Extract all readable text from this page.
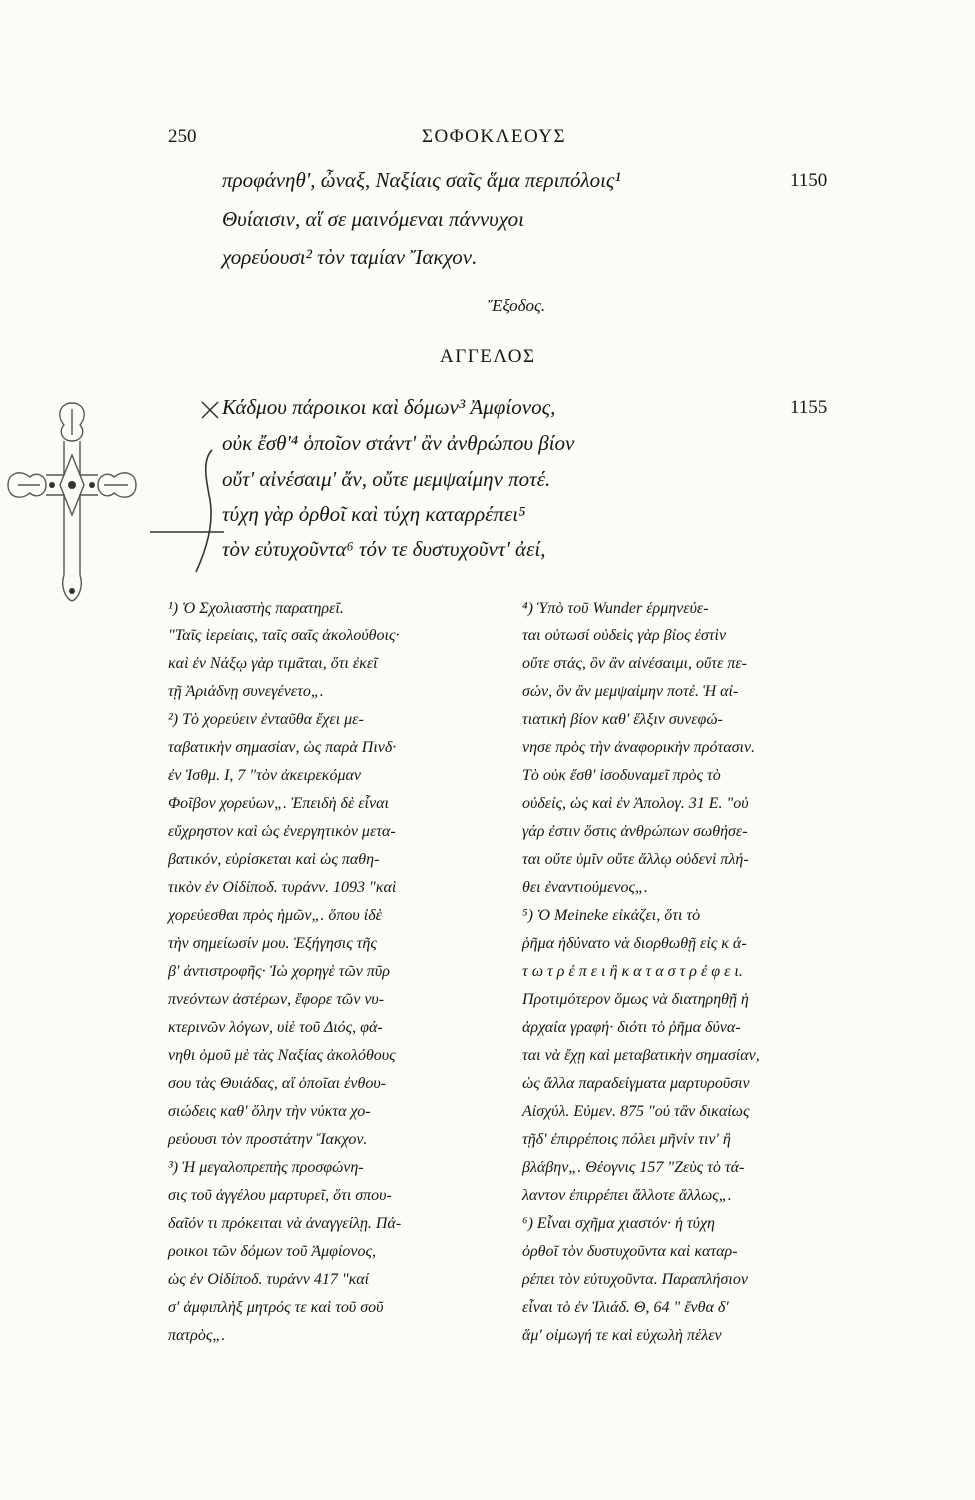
250	ΣΟΦΟΚΛΕΟΥΣ
προφάνηθ', ὦναξ, Ναξίαις σαῖς ἅμα περιπόλοις¹	1150
Θυίαισιν, αἵ σε μαινόμεναι πάννυχοι
χορεύουσι² τὸν ταμίαν Ἴακχον.
Ἔξοδος.
ΑΓΓΕΛΟΣ
Κάδμου πάροικοι καὶ δόμων³ Ἀμφίονος,	1155
οὐκ ἔσθ'⁴ ὁποῖον στάντ' ἂν ἀνθρώπου βίον
οὔτ' αἰνέσαιμ' ἄν, οὔτε μεμψαίμην ποτέ.
τύχη γὰρ ὀρθοῖ καὶ τύχη καταρρέπει⁵
τὸν εὐτυχοῦντα⁶ τόν τε δυστυχοῦντ' ἀεί,
¹) Ὁ Σχολιαστὴς παρατηρεῖ.
"Ταῖς ἱερείαις, ταῖς σαῖς ἀκολούθοις·
καὶ ἐν Νάξῳ γὰρ τιμᾶται, ὅτι ἐκεῖ
τῇ Ἀριάδνῃ συνεγένετο„.
²) Τὸ χορεύειν ἐνταῦθα ἔχει με-
ταβατικὴν σημασίαν, ὡς παρὰ Πινδ·
ἐν Ἰσθμ. Ι, 7 "τὸν ἀκειρεκόμαν
Φοῖβον χορεύων„. Ἐπειδὴ δὲ εἶναι
εὔχρηστον καὶ ὡς ἐνεργητικὸν μετα-
βατικόν, εὑρίσκεται καὶ ὡς παθη-
τικὸν ἐν Οἰδίποδ. τυράνν. 1093 "καὶ
χορεύεσθαι πρὸς ἡμῶν„. ὅπου ἰδὲ
τὴν σημείωσίν μου. Ἐξήγησις τῆς
β' ἀντιστροφῆς· Ἰὼ χορηγὲ τῶν πῦρ
πνεόντων ἀστέρων, ἔφορε τῶν νυ-
κτερινῶν λόγων, υἱὲ τοῦ Διός, φά-
νηθι ὁμοῦ μὲ τὰς Ναξίας ἀκολόθους
σου τὰς Θυιάδας, αἵ ὁποῖαι ἐνθου-
σιώδεις καθ' ὅλην τὴν νύκτα χο-
ρεύουσι τὸν προστάτην Ἴακχον.
³) Ἡ μεγαλοπρεπὴς προσφώνη-
σις τοῦ ἀγγέλου μαρτυρεῖ, ὅτι σπου-
δαῖόν τι πρόκειται νὰ ἀναγγείλῃ. Πά-
ροικοι τῶν δόμων τοῦ Ἀμφίονος,
ὡς ἐν Οἰδίποδ. τυράνν 417 "καί
σ' ἀμφιπλὴξ μητρός τε καὶ τοῦ σοῦ
πατρὸς„.
⁴) Ὑπὸ τοῦ Wunder ἑρμηνεύε-
ται οὑτωσί οὐδεὶς γὰρ βίος ἐστὶν
οὔτε στάς, ὃν ἂν αἰνέσαιμι, οὔτε πε-
σών, ὃν ἂν μεμψαίμην ποτέ. Ἡ αἰ-
τιατικὴ βίον καθ' ἕλξιν συνεφώ-
νησε πρὸς τὴν ἀναφορικὴν πρότασιν.
Τὸ οὐκ ἔσθ' ἰσοδυναμεῖ πρὸς τὸ
οὐδείς, ὡς καὶ ἐν Ἀπολογ. 31 Ε. "οὐ
γάρ ἐστιν ὅστις ἀνθρώπων σωθήσε-
ται οὔτε ὑμῖν οὔτε ἄλλῳ οὐδενὶ πλή-
θει ἐναντιούμενος„.
⁵) Ὁ Meineke εἰκάζει, ὅτι τὸ
ῥῆμα ἠδύνατο νὰ διορθωθῇ εἰς κ ά-
τ ω τ ρ έ π ε ι ἢ κ α τ α σ τ ρ έ φ ε ι.
Προτιμότερον ὅμως νὰ διατηρηθῇ ἡ
ἀρχαία γραφή· διότι τὸ ῥῆμα δύνα-
ται νὰ ἔχῃ καὶ μεταβατικὴν σημασίαν,
ὡς ἄλλα παραδείγματα μαρτυροῦσιν
Αἰσχύλ. Εὐμεν. 875 "οὐ τἂν δικαίως
τῇδ' ἐπιρρέποις πόλει μῆνίν τιν' ἢ
βλάβην„. Θέογνις 157 "Ζεὺς τὸ τά-
λαντον ἐπιρρέπει ἄλλοτε ἄλλως„.
⁶) Εἶναι σχῆμα χιαστόν· ἡ τύχη
ὀρθοῖ τὸν δυστυχοῦντα καὶ καταρ-
ρέπει τὸν εὐτυχοῦντα. Παραπλήσιον
εἶναι τὸ ἐν Ἰλιάδ. Θ, 64 " ἔνθα δ'
ἅμ' οἰμωγή τε καὶ εὐχωλὴ πέλεν
